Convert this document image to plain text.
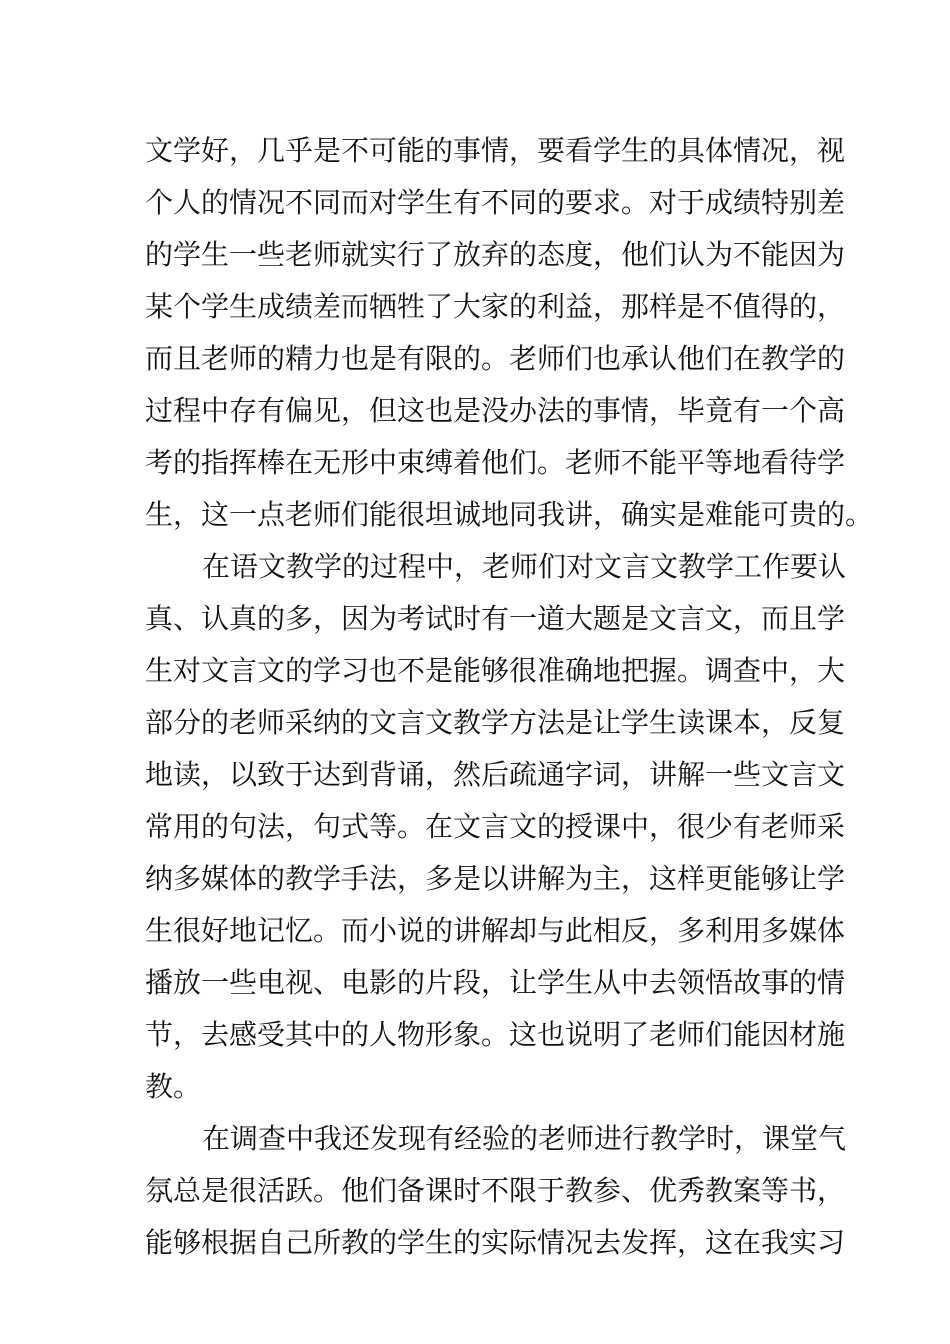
文学好，几乎是不可能的事情，要看学生的具体情况，视
个人的情况不同而对学生有不同的要求。对于成绩特别差
的学生一些老师就实行了放弃的态度，他们认为不能因为
某个学生成绩差而牺牲了大家的利益，那样是不值得的，
而且老师的精力也是有限的。老师们也承认他们在教学的
过程中存有偏见，但这也是没办法的事情，毕竟有一个高
考的指挥棒在无形中束缚着他们。老师不能平等地看待学
生，这一点老师们能很坦诚地同我讲，确实是难能可贵的。
在语文教学的过程中，老师们对文言文教学工作要认
真、认真的多，因为考试时有一道大题是文言文，而且学
生对文言文的学习也不是能够很准确地把握。调查中，大
部分的老师采纳的文言文教学方法是让学生读课本，反复
地读，以致于达到背诵，然后疏通字词，讲解一些文言文
常用的句法，句式等。在文言文的授课中，很少有老师采
纳多媒体的教学手法，多是以讲解为主，这样更能够让学
生很好地记忆。而小说的讲解却与此相反，多利用多媒体
播放一些电视、电影的片段，让学生从中去领悟故事的情
节，去感受其中的人物形象。这也说明了老师们能因材施
教。
在调查中我还发现有经验的老师进行教学时，课堂气
氛总是很活跃。他们备课时不限于教参、优秀教案等书，
能够根据自己所教的学生的实际情况去发挥，这在我实习
